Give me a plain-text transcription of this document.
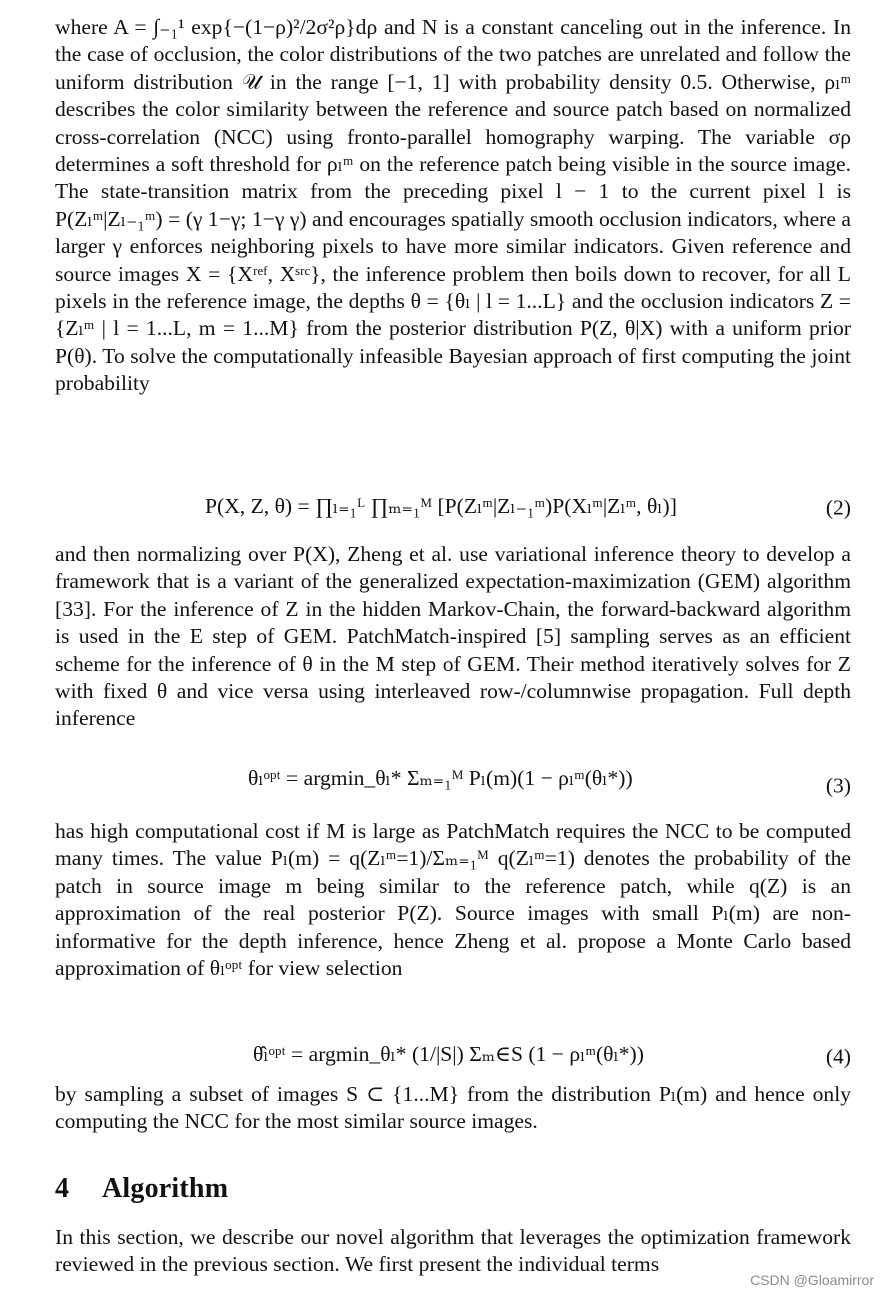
where A = ∫₋₁¹ exp{−(1−ρ)²/2σ²ρ}dρ and N is a constant canceling out in the inference. In the case of occlusion, the color distributions of the two patches are unrelated and follow the uniform distribution 𝒰 in the range [−1, 1] with probability density 0.5. Otherwise, ρₗᵐ describes the color similarity between the reference and source patch based on normalized cross-correlation (NCC) using fronto-parallel homography warping. The variable σρ determines a soft threshold for ρₗᵐ on the reference patch being visible in the source image. The state-transition matrix from the preceding pixel l − 1 to the current pixel l is P(Zₗᵐ|Zₗ₋₁ᵐ) = (γ 1−γ; 1−γ γ) and encourages spatially smooth occlusion indicators, where a larger γ enforces neighboring pixels to have more similar indicators. Given reference and source images X = {Xʳᵉᶠ, Xˢʳᶜ}, the inference problem then boils down to recover, for all L pixels in the reference image, the depths θ = {θₗ | l = 1...L} and the occlusion indicators Z = {Zₗᵐ | l = 1...L, m = 1...M} from the posterior distribution P(Z, θ|X) with a uniform prior P(θ). To solve the computationally infeasible Bayesian approach of first computing the joint probability

P(X, Z, θ) = ∏ₗ₌₁ᴸ ∏ₘ₌₁ᴹ [P(Zₗᵐ|Zₗ₋₁ᵐ)P(Xₗᵐ|Zₗᵐ, θₗ)]	(2)

and then normalizing over P(X), Zheng et al. use variational inference theory to develop a framework that is a variant of the generalized expectation-maximization (GEM) algorithm [33]. For the inference of Z in the hidden Markov-Chain, the forward-backward algorithm is used in the E step of GEM. PatchMatch-inspired [5] sampling serves as an efficient scheme for the inference of θ in the M step of GEM. Their method iteratively solves for Z with fixed θ and vice versa using interleaved row-/columnwise propagation. Full depth inference

θₗᵒᵖᵗ = argmin_θₗ* Σₘ₌₁ᴹ Pₗ(m)(1 − ρₗᵐ(θₗ*))	(3)

has high computational cost if M is large as PatchMatch requires the NCC to be computed many times. The value Pₗ(m) = q(Zₗᵐ=1)/Σₘ₌₁ᴹ q(Zₗᵐ=1) denotes the probability of the patch in source image m being similar to the reference patch, while q(Z) is an approximation of the real posterior P(Z). Source images with small Pₗ(m) are non-informative for the depth inference, hence Zheng et al. propose a Monte Carlo based approximation of θₗᵒᵖᵗ for view selection

θ̂ₗᵒᵖᵗ = argmin_θₗ* (1/|S|) Σₘ∈S (1 − ρₗᵐ(θₗ*))	(4)

by sampling a subset of images S ⊂ {1...M} from the distribution Pₗ(m) and hence only computing the NCC for the most similar source images.

4 Algorithm

In this section, we describe our novel algorithm that leverages the optimization framework reviewed in the previous section. We first present the individual terms

CSDN @Gloamirror
